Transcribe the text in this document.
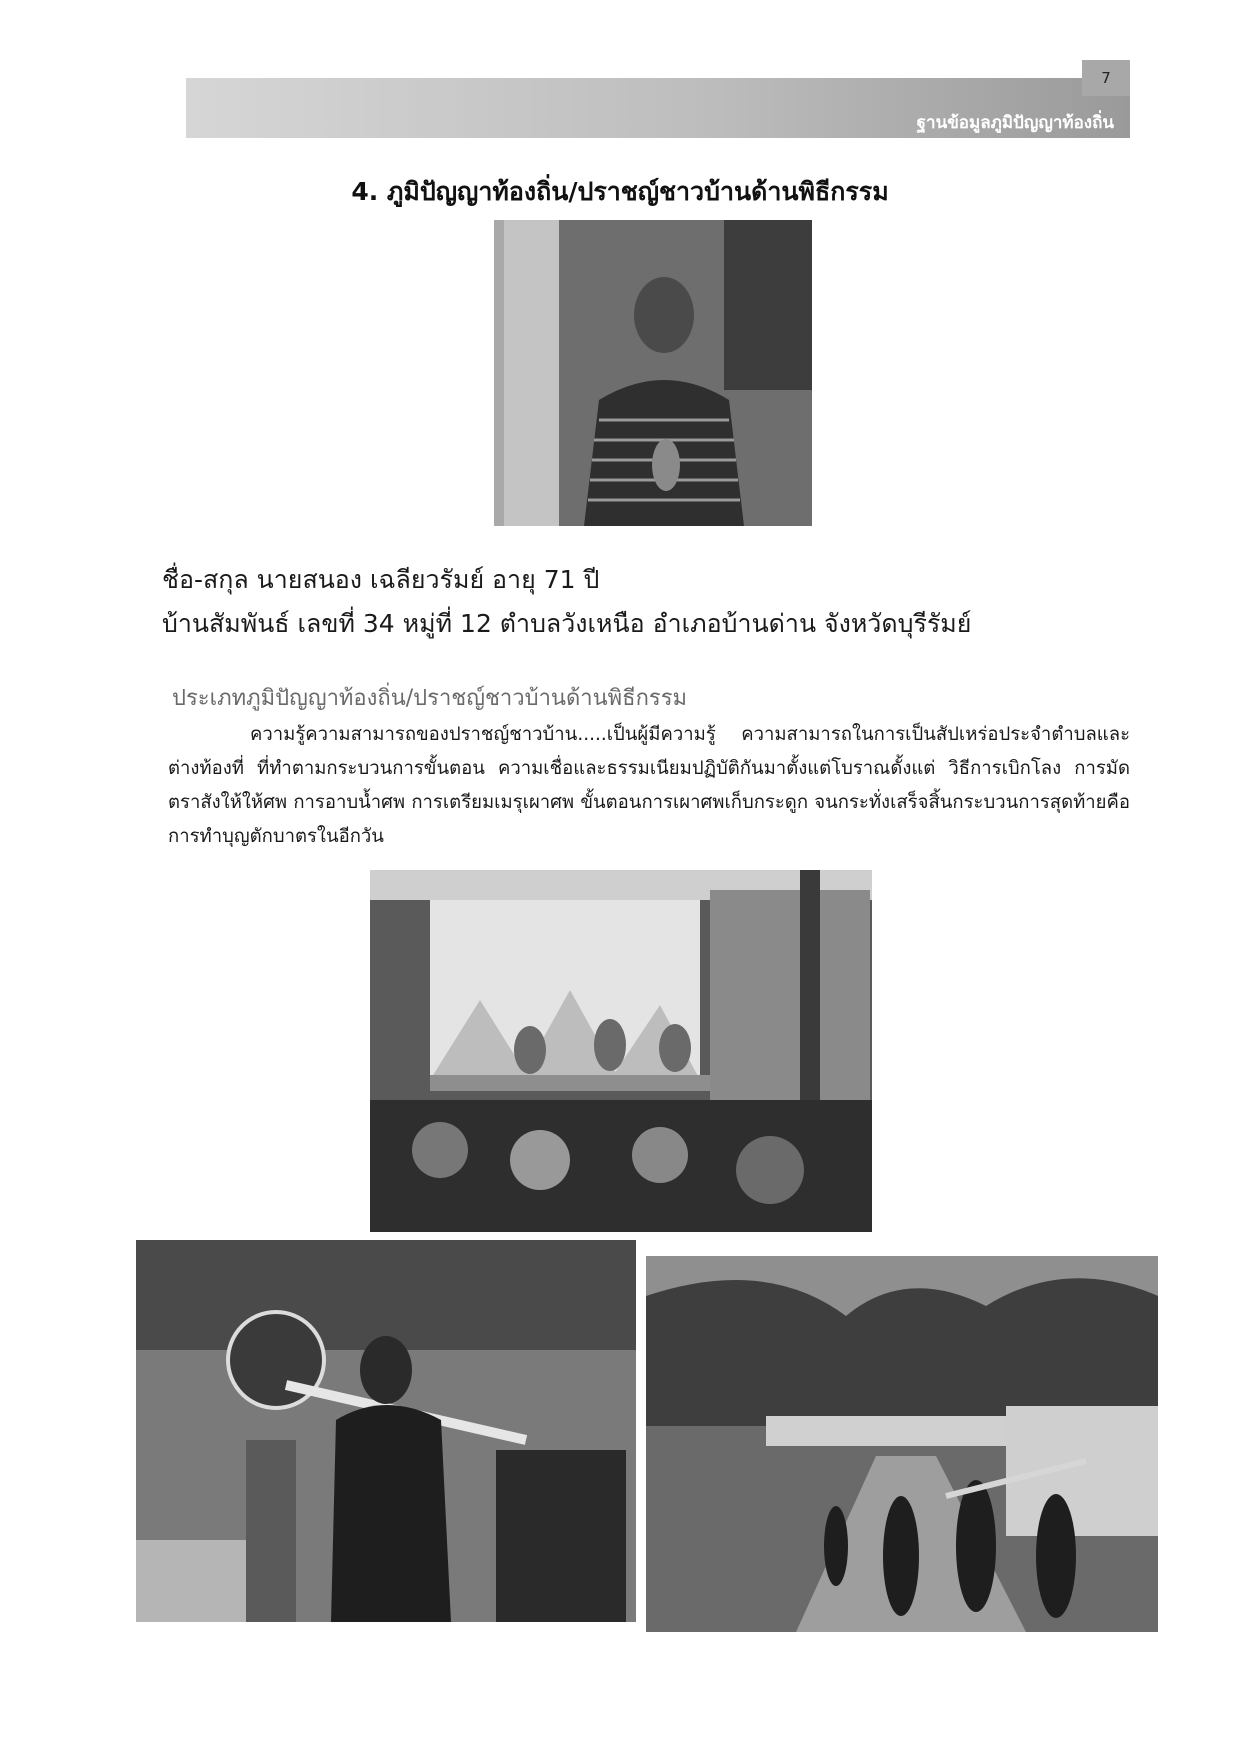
ฐานข้อมูลภูมิปัญญาท้องถิ่น
7
4. ภูมิปัญญาท้องถิ่น/ปราชญ์ชาวบ้านด้านพิธีกรรม
ชื่อ-สกุล นายสนอง เฉลียวรัมย์ อายุ 71 ปี
บ้านสัมพันธ์ เลขที่ 34 หมู่ที่ 12 ตำบลวังเหนือ อำเภอบ้านด่าน จังหวัดบุรีรัมย์
ประเภทภูมิปัญญาท้องถิ่น/ปราชญ์ชาวบ้านด้านพิธีกรรม
ความรู้ความสามารถของปราชญ์ชาวบ้าน.....เป็นผู้มีความรู้ ความสามารถในการเป็นสัปเหร่อประจำตำบลและต่างท้องที่ ที่ทำตามกระบวนการขั้นตอน ความเชื่อและธรรมเนียมปฏิบัติกันมาตั้งแต่โบราณดั้งแต่ วิธีการเบิกโลง การมัดตราสังให้ให้ศพ การอาบน้ำศพ การเตรียมเมรุเผาศพ ขั้นตอนการเผาศพเก็บกระดูก จนกระทั่งเสร็จสิ้นกระบวนการสุดท้ายคือการทำบุญตักบาตรในอีกวัน
